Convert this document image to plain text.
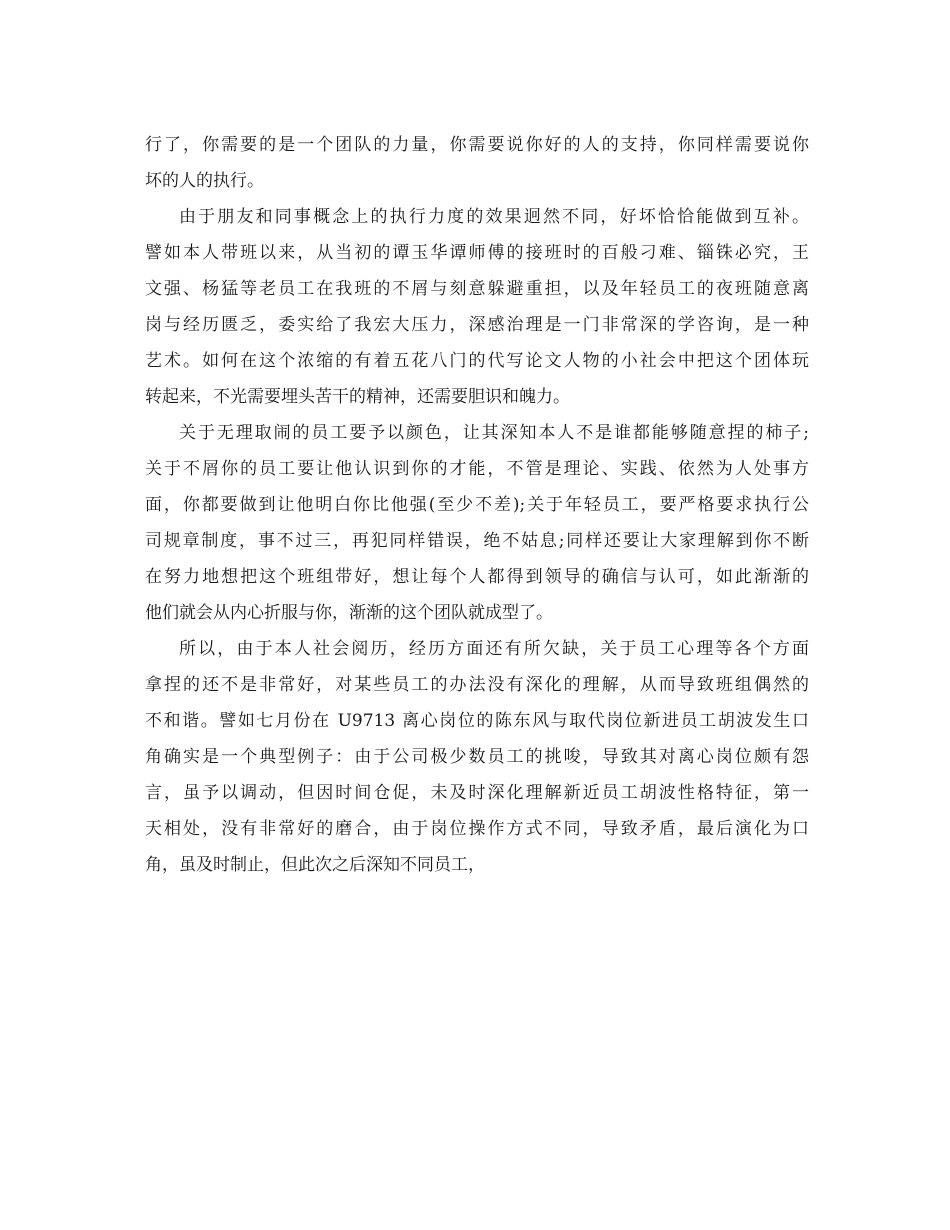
行了，你需要的是一个团队的力量，你需要说你好的人的支持，你同样需要说你
坏的人的执行。
由于朋友和同事概念上的执行力度的效果迥然不同，好坏恰恰能做到互补。
譬如本人带班以来，从当初的谭玉华谭师傅的接班时的百般刁难、锱铢必究，王
文强、杨猛等老员工在我班的不屑与刻意躲避重担，以及年轻员工的夜班随意离
岗与经历匮乏，委实给了我宏大压力，深感治理是一门非常深的学咨询，是一种
艺术。如何在这个浓缩的有着五花八门的代写论文人物的小社会中把这个团体玩
转起来，不光需要埋头苦干的精神，还需要胆识和魄力。
关于无理取闹的员工要予以颜色，让其深知本人不是谁都能够随意捏的柿子;
关于不屑你的员工要让他认识到你的才能，不管是理论、实践、依然为人处事方
面，你都要做到让他明白你比他强(至少不差);关于年轻员工，要严格要求执行公
司规章制度，事不过三，再犯同样错误，绝不姑息;同样还要让大家理解到你不断
在努力地想把这个班组带好，想让每个人都得到领导的确信与认可，如此渐渐的
他们就会从内心折服与你，渐渐的这个团队就成型了。
所以，由于本人社会阅历，经历方面还有所欠缺，关于员工心理等各个方面
拿捏的还不是非常好，对某些员工的办法没有深化的理解，从而导致班组偶然的
不和谐。譬如七月份在 U9713 离心岗位的陈东风与取代岗位新进员工胡波发生口
角确实是一个典型例子：由于公司极少数员工的挑唆，导致其对离心岗位颇有怨
言，虽予以调动，但因时间仓促，未及时深化理解新近员工胡波性格特征，第一
天相处，没有非常好的磨合，由于岗位操作方式不同，导致矛盾，最后演化为口
角，虽及时制止，但此次之后深知不同员工，
